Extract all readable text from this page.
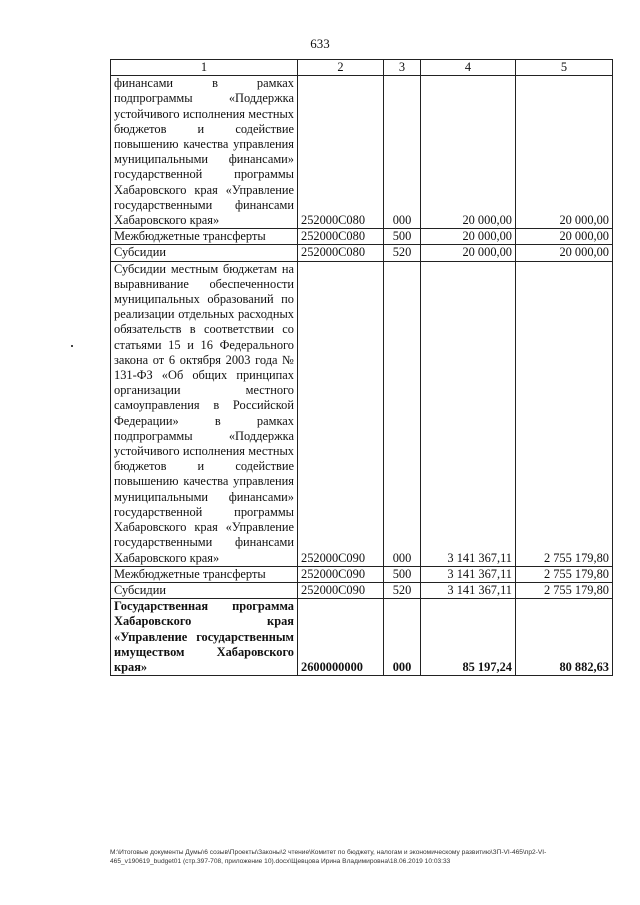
633
1	2	3	4	5
финансами в рамках подпрограммы «Поддержка устойчивого исполнения местных бюджетов и содействие повышению качества управления муниципальными финансами» государственной программы Хабаровского края «Управление государственными финансами Хабаровского края»	252000С080	000	20 000,00	20 000,00
Межбюджетные трансферты	252000С080	500	20 000,00	20 000,00
Субсидии	252000С080	520	20 000,00	20 000,00
Субсидии местным бюджетам на выравнивание обеспеченности муниципальных образований по реализации отдельных расходных обязательств в соответствии со статьями 15 и 16 Федерального закона от 6 октября 2003 года № 131-ФЗ «Об общих принципах организации местного самоуправления в Российской Федерации» в рамках подпрограммы «Поддержка устойчивого исполнения местных бюджетов и содействие повышению качества управления муниципальными финансами» государственной программы Хабаровского края «Управление государственными финансами Хабаровского края»	252000С090	000	3 141 367,11	2 755 179,80
Межбюджетные трансферты	252000С090	500	3 141 367,11	2 755 179,80
Субсидии	252000С090	520	3 141 367,11	2 755 179,80
Государственная программа Хабаровского края «Управление государственным имуществом Хабаровского края»	2600000000	000	85 197,24	80 882,63
M:\Итоговые документы Думы\6 созыв\Проекты\Законы\2 чтение\Комитет по бюджету, налогам и экономическому развитию\ЗП-VI-465\пр2-VI-465_v190619_budget01 (стр.397-708, приложение 10).docx\Щевцова Ирина Владимировна\18.06.2019 10:03:33
